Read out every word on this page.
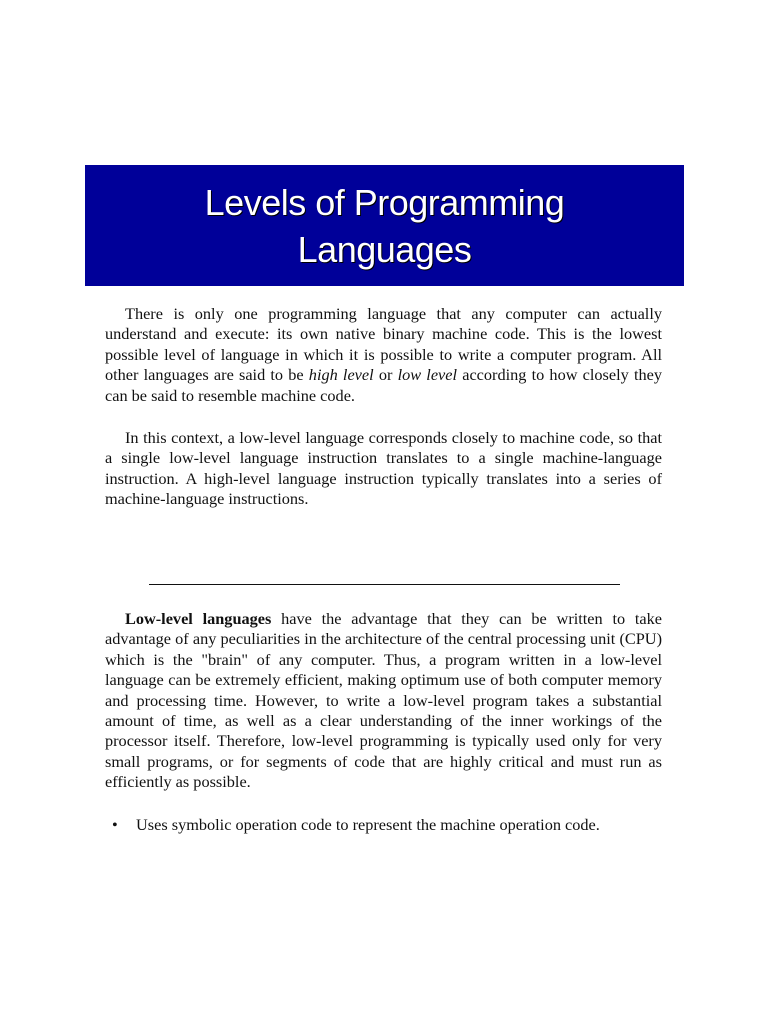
Levels of Programming
Languages

There is only one programming language that any computer can actually understand and execute: its own native binary machine code. This is the lowest possible level of language in which it is possible to write a computer program. All other languages are said to be high level or low level according to how closely they can be said to resemble machine code.

In this context, a low-level language corresponds closely to machine code, so that a single low-level language instruction translates to a single machine-language instruction. A high-level language instruction typically translates into a series of machine-language instructions.

Low-level languages have the advantage that they can be written to take advantage of any peculiarities in the architecture of the central processing unit (CPU) which is the "brain" of any computer. Thus, a program written in a low-level language can be extremely efficient, making optimum use of both computer memory and processing time. However, to write a low-level program takes a substantial amount of time, as well as a clear understanding of the inner workings of the processor itself. Therefore, low-level programming is typically used only for very small programs, or for segments of code that are highly critical and must run as efficiently as possible.

•	Uses symbolic operation code to represent the machine operation code.
